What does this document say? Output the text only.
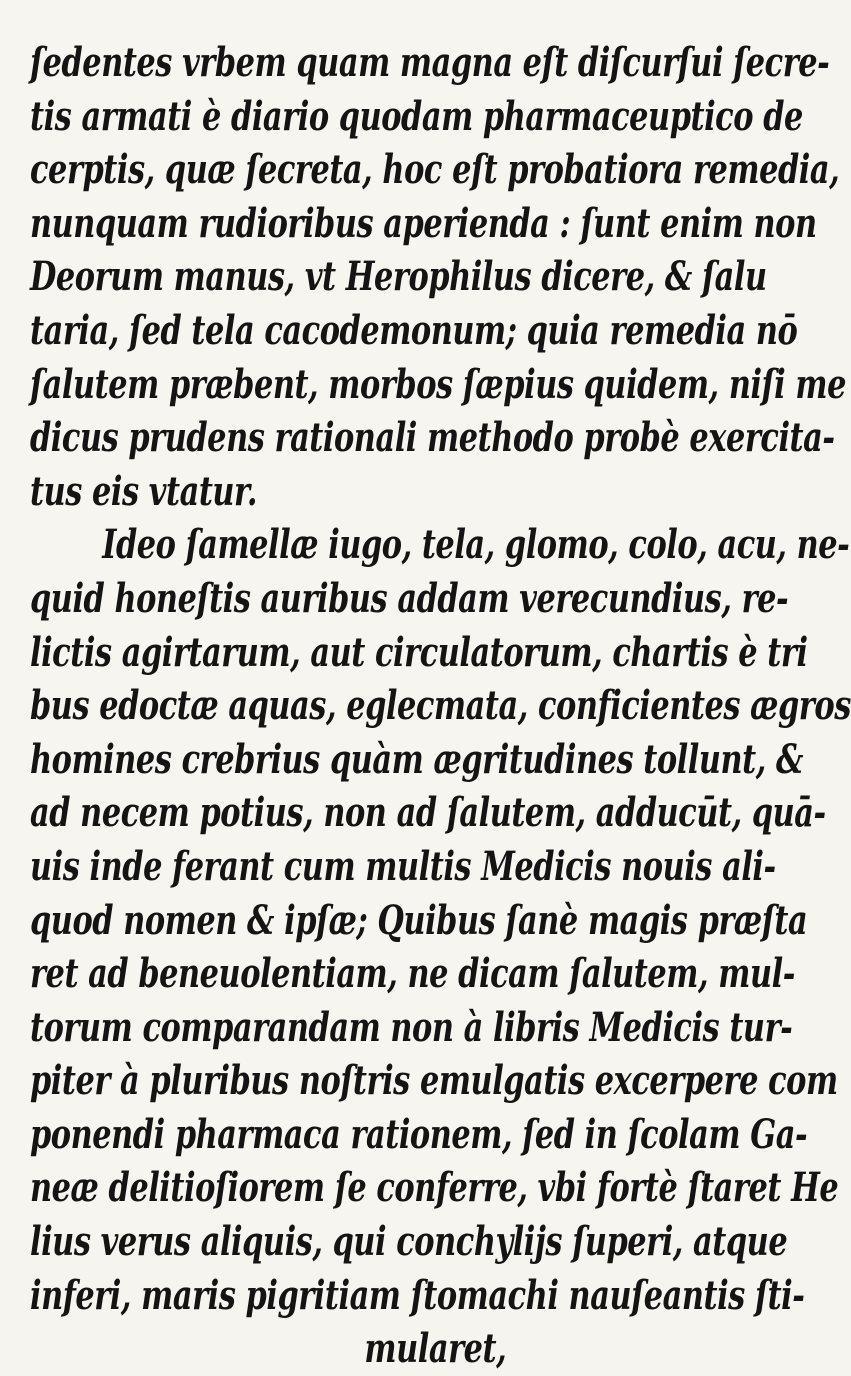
ſedentes vrbem quam magna eſt diſcurſui ſecre-
tis armati è diario quodam pharmaceuptico de
cerptis, quæ ſecreta, hoc eſt probatiora remedia,
nunquam rudioribus aperienda : ſunt enim non
Deorum manus, vt Herophilus dicere, & ſalu
taria, ſed tela cacodemonum; quia remedia nō
ſalutem præbent, morbos ſæpius quidem, niſi me
dicus prudens rationali methodo probè exercita-
tus eis vtatur.
Ideo ſamellæ iugo, tela, glomo, colo, acu, ne-
quid honeſtis auribus addam verecundius, re-
lictis agirtarum, aut circulatorum, chartis è tri
bus edoctæ aquas, eglecmata, conficientes ægros
homines crebrius quàm ægritudines tollunt, &
ad necem potius, non ad ſalutem, adducūt, quā-
uis inde ferant cum multis Medicis nouis ali-
quod nomen & ipſæ; Quibus ſanè magis præſta
ret ad beneuolentiam, ne dicam ſalutem, mul-
torum comparandam non à libris Medicis tur-
piter à pluribus noſtris emulgatis excerpere com
ponendi pharmaca rationem, ſed in ſcolam Ga-
neæ delitioſiorem ſe conferre, vbi fortè ſtaret He
lius verus aliquis, qui conchylijs ſuperi, atque
inferi, maris pigritiam ſtomachi nauſeantis ſti-
mularet,
